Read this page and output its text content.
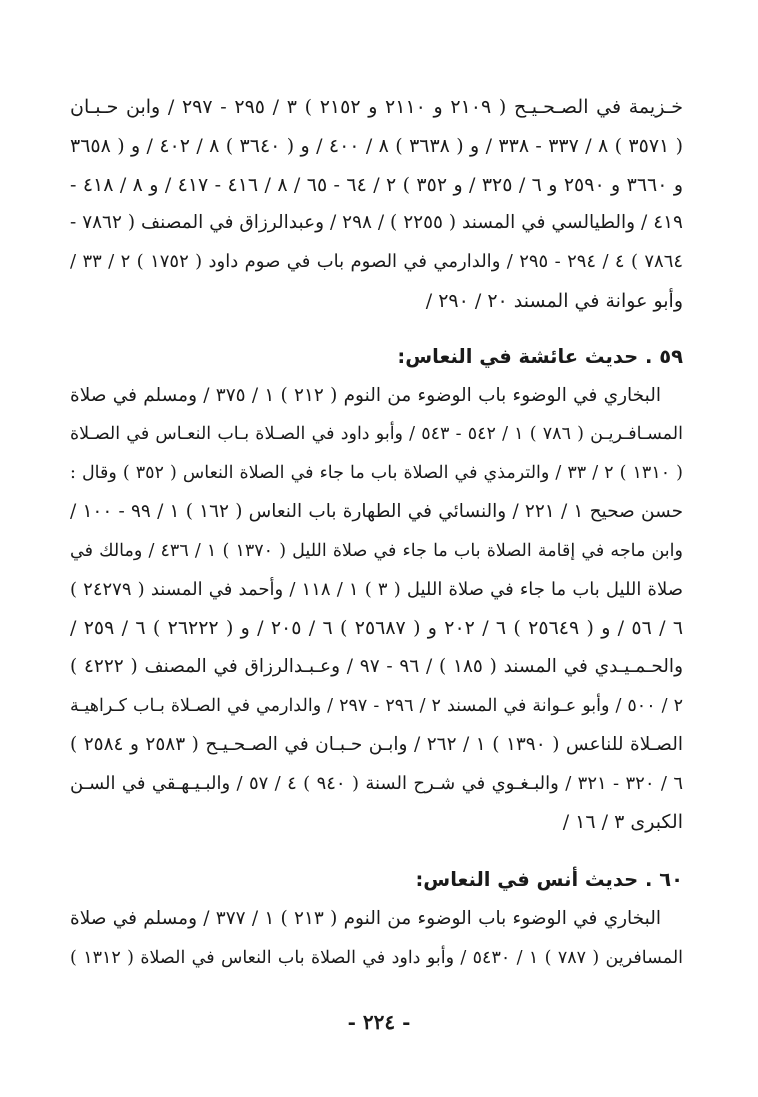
خـزيمة في الصـحـيـح ( ٢١٠٩ و ٢١١٠ و ٢١٥٢ ) ٣ / ٢٩٥ - ٢٩٧ / وابن حـبـان
( ٣٥٧١ ) ٨ / ٣٣٧ - ٣٣٨ / و ( ٣٦٣٨ ) ٨ / ٤٠٠ / و ( ٣٦٤٠ ) ٨ / ٤٠٢ / و ( ٣٦٥٨
و ٣٦٦٠ و ٢٥٩٠ و ٦ / ٣٢٥ / و ٣٥٢ ) ٢ / ٦٤ - ٦٥ / ٨ / ٤١٦ - ٤١٧ / و ٨ / ٤١٨ -
٤١٩ / والطيالسي في المسند ( ٢٢٥٥ ) / ٢٩٨ / وعبدالرزاق في المصنف ( ٧٨٦٢ -
٧٨٦٤ ) ٤ / ٢٩٤ - ٢٩٥ / والدارمي في الصوم باب في صوم داود ( ١٧٥٢ ) ٢ / ٣٣ /
وأبو عوانة في المسند ٢٠ / ٢٩٠ /

٥٩ . حديث عائشة في النعاس:

البخاري في الوضوء باب الوضوء من النوم ( ٢١٢ ) ١ / ٣٧٥ / ومسلم في صلاة
المسـافـريـن ( ٧٨٦ ) ١ / ٥٤٢ - ٥٤٣ / وأبو داود في الصـلاة بـاب النعـاس في الصـلاة
( ١٣١٠ ) ٢ / ٣٣ / والترمذي في الصلاة باب ما جاء في الصلاة النعاس ( ٣٥٢ ) وقال :
حسن صحيح ١ / ٢٢١ / والنسائي في الطهارة باب النعاس ( ١٦٢ ) ١ / ٩٩ - ١٠٠ /
وابن ماجه في إقامة الصلاة باب ما جاء في صلاة الليل ( ١٣٧٠ ) ١ / ٤٣٦ / ومالك في
صلاة الليل باب ما جاء في صلاة الليل ( ٣ ) ١ / ١١٨ / وأحمد في المسند ( ٢٤٢٧٩ )
٦ / ٥٦ / و ( ٢٥٦٤٩ ) ٦ / ٢٠٢ و ( ٢٥٦٨٧ ) ٦ / ٢٠٥ / و ( ٢٦٢٢٢ ) ٦ / ٢٥٩ /
والحـمـيـدي في المسند ( ١٨٥ ) / ٩٦ - ٩٧ / وعـبـدالرزاق في المصنف ( ٤٢٢٢ )
٢ / ٥٠٠ / وأبو عـوانة في المسند ٢ / ٢٩٦ - ٢٩٧ / والدارمي في الصـلاة بـاب كـراهيـة
الصـلاة للناعس ( ١٣٩٠ ) ١ / ٢٦٢ / وابـن حـبـان في الصـحـيـح ( ٢٥٨٣ و ٢٥٨٤ )
٦ / ٣٢٠ - ٣٢١ / والبـغـوي في شـرح السنة ( ٩٤٠ ) ٤ / ٥٧ / والبـيـهـقي في السـن
الكبرى ٣ / ١٦ /

٦٠ . حديث أنس في النعاس:

البخاري في الوضوء باب الوضوء من النوم ( ٢١٣ ) ١ / ٣٧٧ / ومسلم في صلاة
المسافرين ( ٧٨٧ ) ١ / ٥٤٣٠ / وأبو داود في الصلاة باب النعاس في الصلاة ( ١٣١٢ )

- ٢٢٤ -
